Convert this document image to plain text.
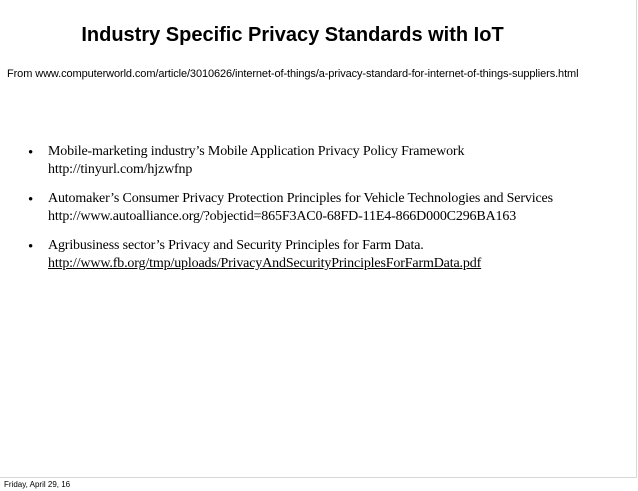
Industry Specific Privacy Standards with IoT
From www.computerworld.com/article/3010626/internet-of-things/a-privacy-standard-for-internet-of-things-suppliers.html
• Mobile-marketing industry’s Mobile Application Privacy Policy Framework
http://tinyurl.com/hjzwfnp
• Automaker’s Consumer Privacy Protection Principles for Vehicle Technologies and Services
http://www.autoalliance.org/?objectid=865F3AC0-68FD-11E4-866D000C296BA163
• Agribusiness sector’s Privacy and Security Principles for Farm Data.
http://www.fb.org/tmp/uploads/PrivacyAndSecurityPrinciplesForFarmData.pdf
Friday, April 29, 16
